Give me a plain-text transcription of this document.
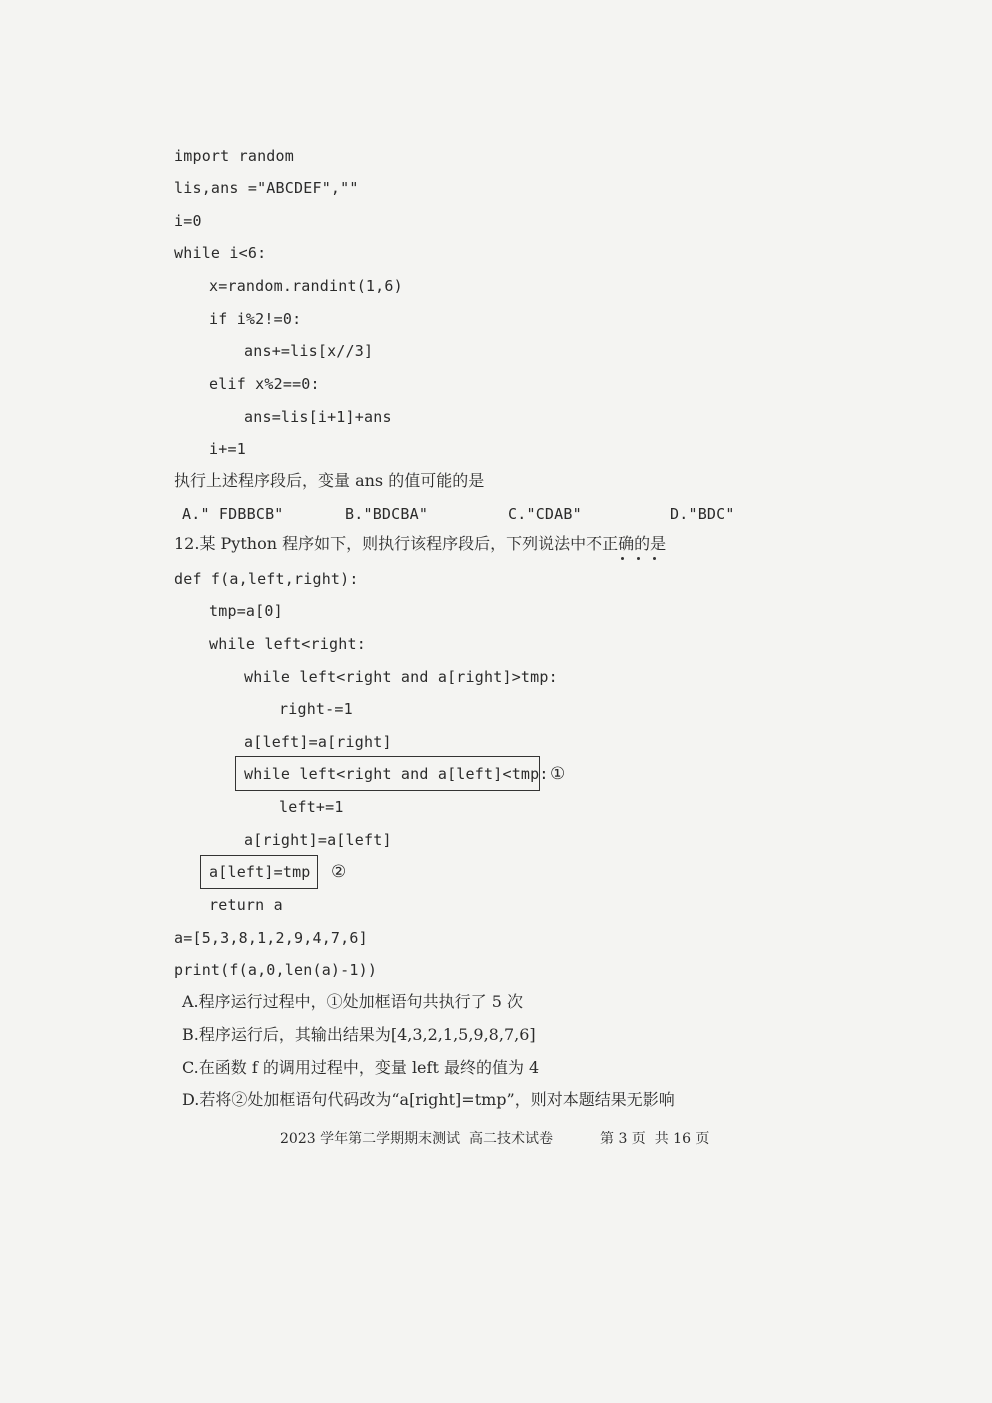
import random
lis,ans ="ABCDEF",""
i=0
while i<6:
x=random.randint(1,6)
if i%2!=0:
ans+=lis[x//3]
elif x%2==0:
ans=lis[i+1]+ans
i+=1
执行上述程序段后，变量 ans 的值可能的是
A." FDBBCB"	B."BDCBA"	C."CDAB"	D."BDC"
12.某 Python 程序如下，则执行该程序段后，下列说法中不正确的是
def f(a,left,right):
tmp=a[0]
while left<right:
while left<right and a[right]>tmp:
right-=1
a[left]=a[right]
while left<right and a[left]<tmp: ①
left+=1
a[right]=a[left]
a[left]=tmp ②
return a
a=[5,3,8,1,2,9,4,7,6]
print(f(a,0,len(a)-1))
A.程序运行过程中，①处加框语句共执行了 5 次
B.程序运行后，其输出结果为[4,3,2,1,5,9,8,7,6]
C.在函数 f 的调用过程中，变量 left 最终的值为 4
D.若将②处加框语句代码改为“a[right]=tmp”，则对本题结果无影响
2023 学年第二学期期末测试  高二技术试卷	第 3 页  共 16 页
